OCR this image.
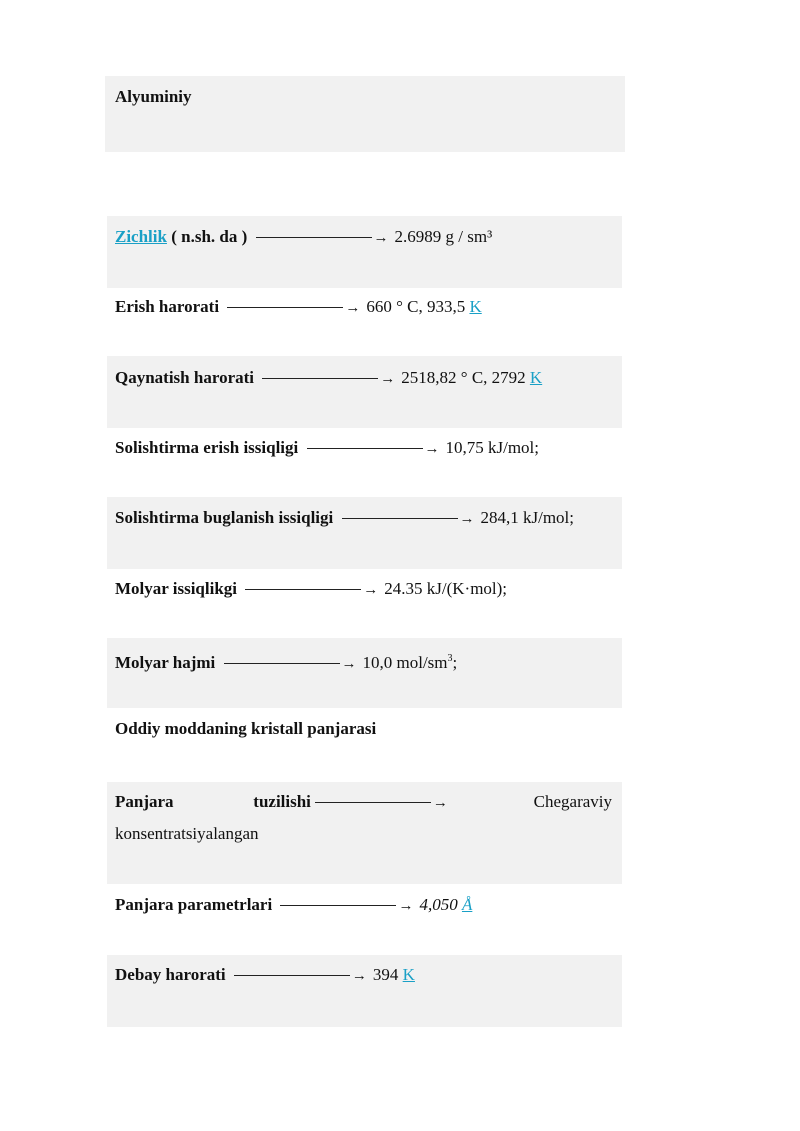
Alyuminiy
Zichlik ( n.sh. da )	→ 2.6989 g / sm³
Erish harorati	→ 660 ° C, 933,5 K
Qaynatish harorati	→ 2518,82 ° C, 2792 K
Solishtirma erish issiqligi	→ 10,75 kJ/mol;
Solishtirma buglanish issiqligi	→ 284,1 kJ/mol;
Molyar issiqlikgi	→ 24.35 kJ/(K·mol);
Molyar hajmi	→ 10,0 mol/$sm^3$;
Oddiy moddaning kristall panjarasi
Panjara	tuzilishi	→	Chegaraviy
konsentratsiyalangan
Panjara parametrlari	→ 4,050 Å
Debay harorati	→ 394 K
